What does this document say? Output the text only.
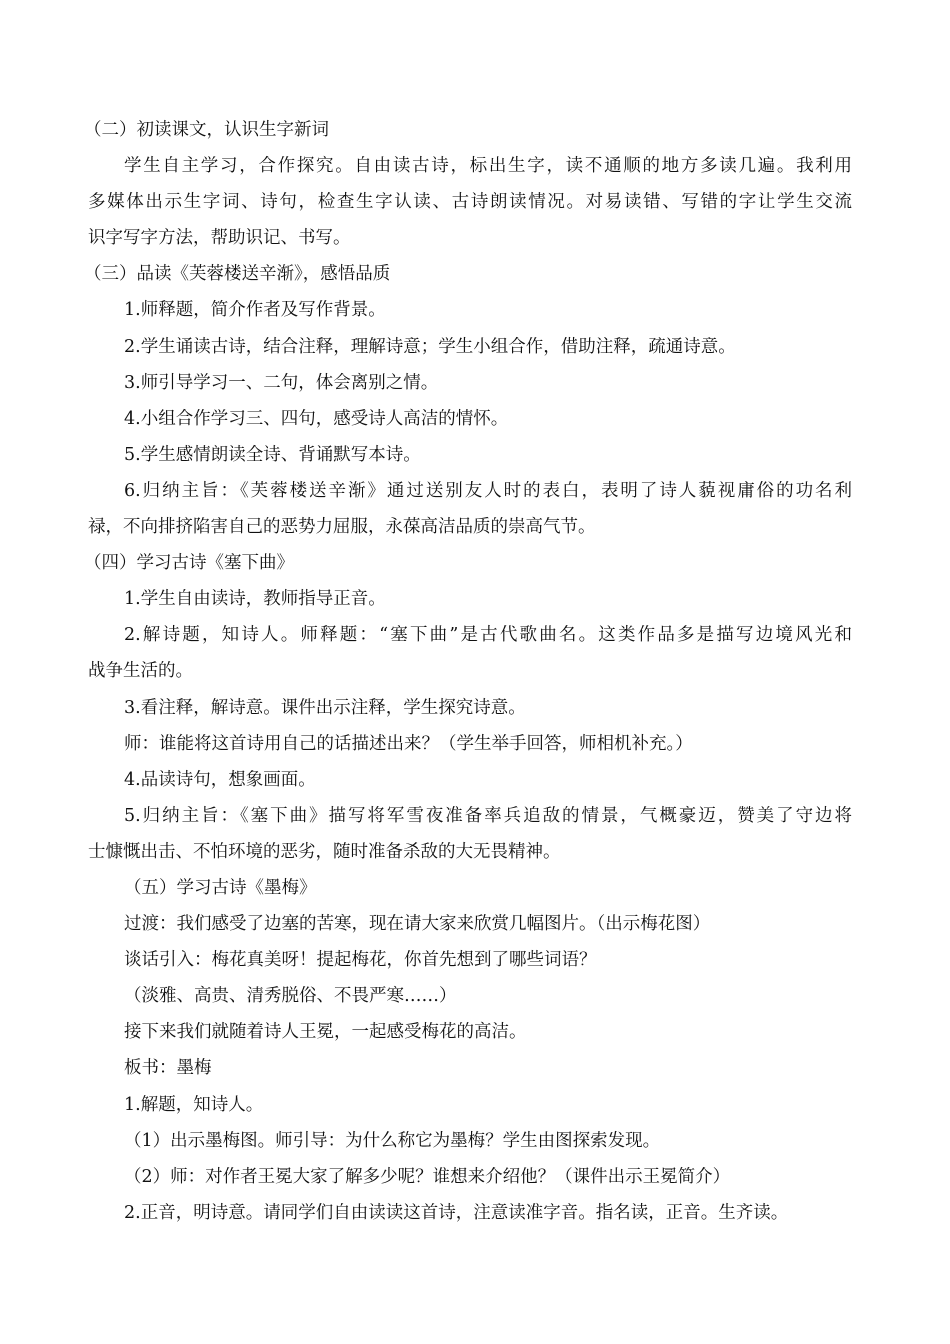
（二）初读课文，认识生字新词
学生自主学习，合作探究。自由读古诗，标出生字，读不通顺的地方多读几遍。我利用
多媒体出示生字词、诗句，检查生字认读、古诗朗读情况。对易读错、写错的字让学生交流
识字写字方法，帮助识记、书写。
（三）品读《芙蓉楼送辛渐》，感悟品质
1.师释题，简介作者及写作背景。
2.学生诵读古诗，结合注释，理解诗意；学生小组合作，借助注释，疏通诗意。
3.师引导学习一、二句，体会离别之情。
4.小组合作学习三、四句，感受诗人高洁的情怀。
5.学生感情朗读全诗、背诵默写本诗。
6.归纳主旨：《芙蓉楼送辛渐》通过送别友人时的表白，表明了诗人藐视庸俗的功名利
禄，不向排挤陷害自己的恶势力屈服，永葆高洁品质的崇高气节。
（四）学习古诗《塞下曲》
1.学生自由读诗，教师指导正音。
2.解诗题，知诗人。师释题：“塞下曲”是古代歌曲名。这类作品多是描写边境风光和
战争生活的。
3.看注释，解诗意。课件出示注释，学生探究诗意。
师：谁能将这首诗用自己的话描述出来？（学生举手回答，师相机补充。）
4.品读诗句，想象画面。
5.归纳主旨：《塞下曲》描写将军雪夜准备率兵追敌的情景，气概豪迈，赞美了守边将
士慷慨出击、不怕环境的恶劣，随时准备杀敌的大无畏精神。
（五）学习古诗《墨梅》
过渡：我们感受了边塞的苦寒，现在请大家来欣赏几幅图片。（出示梅花图）
谈话引入：梅花真美呀！提起梅花，你首先想到了哪些词语？
（淡雅、高贵、清秀脱俗、不畏严寒……）
接下来我们就随着诗人王冕，一起感受梅花的高洁。
板书：墨梅
1.解题，知诗人。
（1）出示墨梅图。师引导：为什么称它为墨梅？学生由图探索发现。
（2）师：对作者王冕大家了解多少呢？谁想来介绍他？（课件出示王冕简介）
2.正音，明诗意。请同学们自由读读这首诗，注意读准字音。指名读，正音。生齐读。
